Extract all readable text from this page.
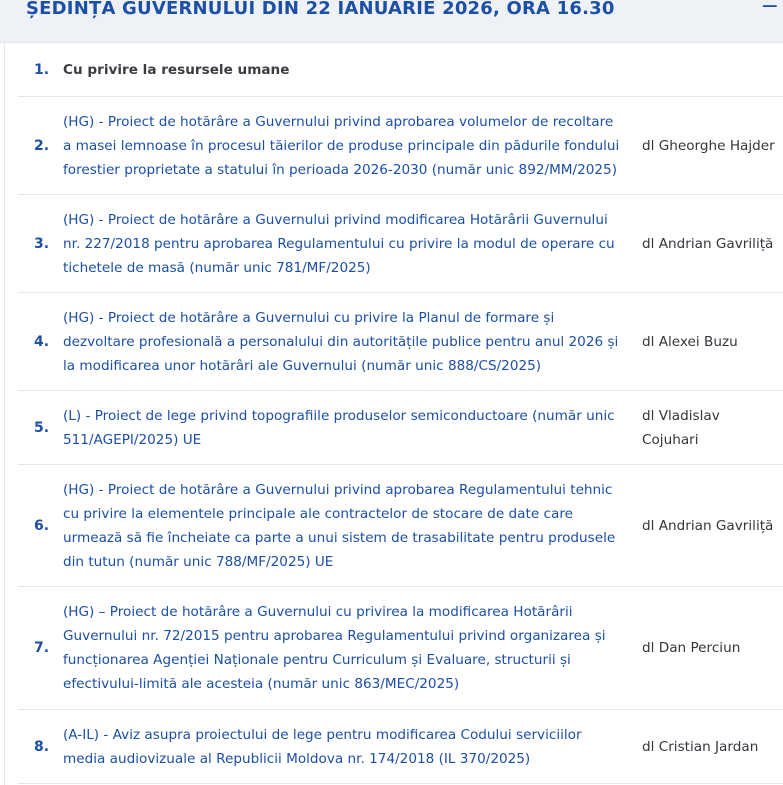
ȘEDINȚA GUVERNULUI DIN 22 IANUARIE 2026, ORA 16.30	−
1.	Cu privire la resursele umane
2.
(HG) - Proiect de hotărâre a Guvernului privind aprobarea volumelor de recoltare a masei lemnoase în procesul tăierilor de produse principale din pădurile fondului forestier proprietate a statului în perioada 2026-2030 (număr unic 892/MM/2025)
dl Gheorghe Hajder
3.
(HG) - Proiect de hotărâre a Guvernului privind modificarea Hotărârii Guvernului nr. 227/2018 pentru aprobarea Regulamentului cu privire la modul de operare cu tichetele de masă (număr unic 781/MF/2025)
dl Andrian Gavriliță
4.
(HG) - Proiect de hotărâre a Guvernului cu privire la Planul de formare și dezvoltare profesională a personalului din autoritățile publice pentru anul 2026 și la modificarea unor hotărâri ale Guvernului (număr unic 888/CS/2025)
dl Alexei Buzu
5.
(L) - Proiect de lege privind topografiile produselor semiconductoare (număr unic 511/AGEPI/2025) UE
dl Vladislav Cojuhari
6.
(HG) - Proiect de hotărâre a Guvernului privind aprobarea Regulamentului tehnic cu privire la elementele principale ale contractelor de stocare de date care urmează să fie încheiate ca parte a unui sistem de trasabilitate pentru produsele din tutun (număr unic 788/MF/2025) UE
dl Andrian Gavriliță
7.
(HG) – Proiect de hotărâre a Guvernului cu privirea la modificarea Hotărârii Guvernului nr. 72/2015 pentru aprobarea Regulamentului privind organizarea și funcționarea Agenției Naționale pentru Curriculum și Evaluare, structurii și efectivului-limită ale acesteia (număr unic 863/MEC/2025)
dl Dan Perciun
8.
(A-IL) - Aviz asupra proiectului de lege pentru modificarea Codului serviciilor media audiovizuale al Republicii Moldova nr. 174/2018 (IL 370/2025)
dl Cristian Jardan
